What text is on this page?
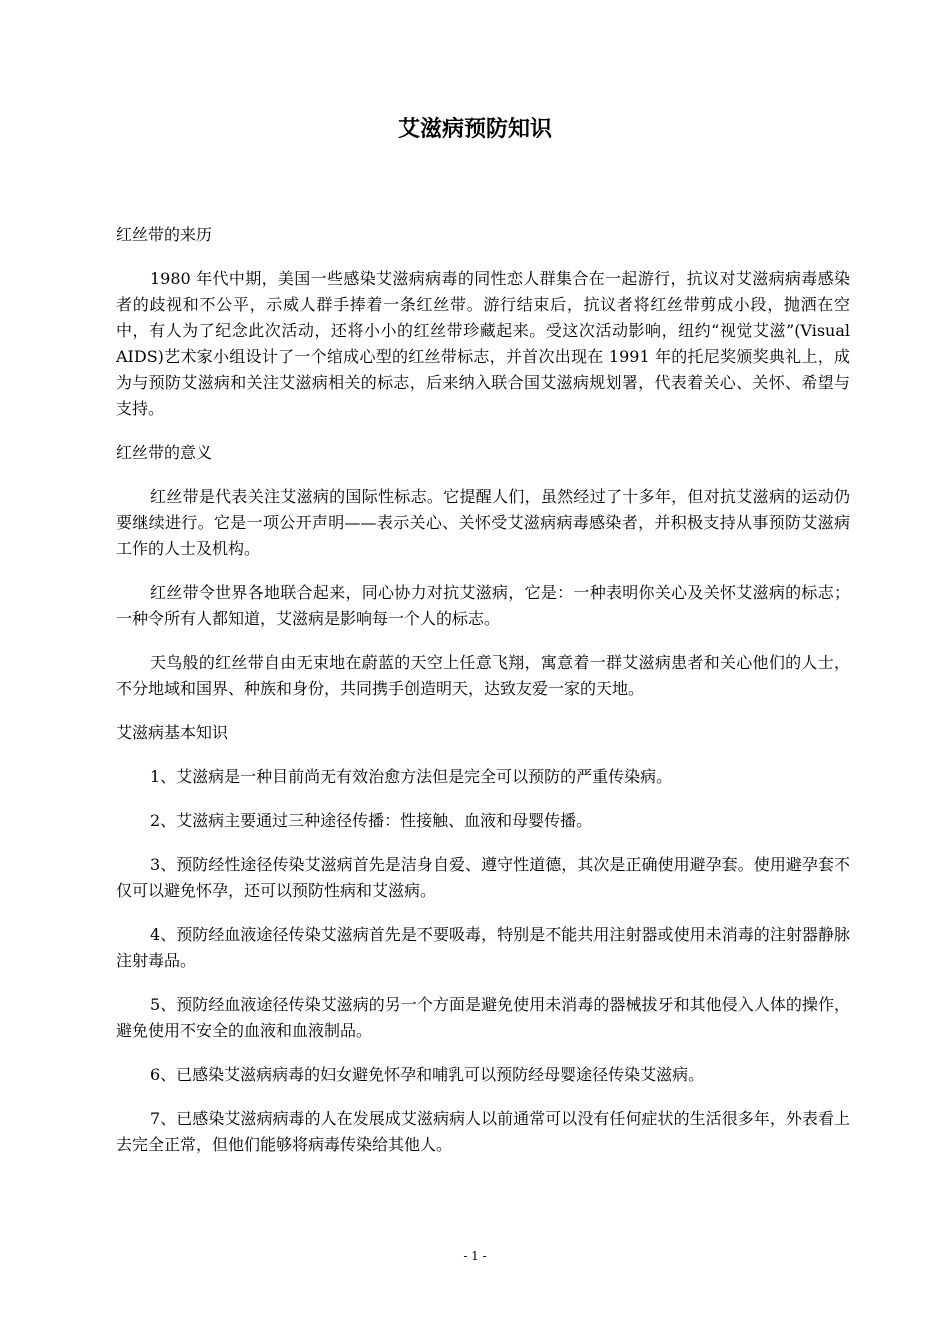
艾滋病预防知识

红丝带的来历

1980 年代中期，美国一些感染艾滋病病毒的同性恋人群集合在一起游行，抗议对艾滋病病毒感染者的歧视和不公平，示威人群手捧着一条红丝带。游行结束后，抗议者将红丝带剪成小段，抛洒在空中，有人为了纪念此次活动，还将小小的红丝带珍藏起来。受这次活动影响，纽约“视觉艾滋”(Visual AIDS)艺术家小组设计了一个绾成心型的红丝带标志，并首次出现在 1991 年的托尼奖颁奖典礼上，成为与预防艾滋病和关注艾滋病相关的标志，后来纳入联合国艾滋病规划署，代表着关心、关怀、希望与支持。

红丝带的意义

红丝带是代表关注艾滋病的国际性标志。它提醒人们，虽然经过了十多年，但对抗艾滋病的运动仍要继续进行。它是一项公开声明——表示关心、关怀受艾滋病病毒感染者，并积极支持从事预防艾滋病工作的人士及机构。

红丝带令世界各地联合起来，同心协力对抗艾滋病，它是：一种表明你关心及关怀艾滋病的标志；一种令所有人都知道，艾滋病是影响每一个人的标志。

天鸟般的红丝带自由无束地在蔚蓝的天空上任意飞翔，寓意着一群艾滋病患者和关心他们的人士，不分地域和国界、种族和身份，共同携手创造明天，达致友爱一家的天地。

艾滋病基本知识

1、艾滋病是一种目前尚无有效治愈方法但是完全可以预防的严重传染病。
2、艾滋病主要通过三种途径传播：性接触、血液和母婴传播。
3、预防经性途径传染艾滋病首先是洁身自爱、遵守性道德，其次是正确使用避孕套。使用避孕套不仅可以避免怀孕，还可以预防性病和艾滋病。
4、预防经血液途径传染艾滋病首先是不要吸毒，特别是不能共用注射器或使用未消毒的注射器静脉注射毒品。
5、预防经血液途径传染艾滋病的另一个方面是避免使用未消毒的器械拔牙和其他侵入人体的操作，避免使用不安全的血液和血液制品。
6、已感染艾滋病病毒的妇女避免怀孕和哺乳可以预防经母婴途径传染艾滋病。
7、已感染艾滋病病毒的人在发展成艾滋病病人以前通常可以没有任何症状的生活很多年，外表看上去完全正常，但他们能够将病毒传染给其他人。
- 1 -
